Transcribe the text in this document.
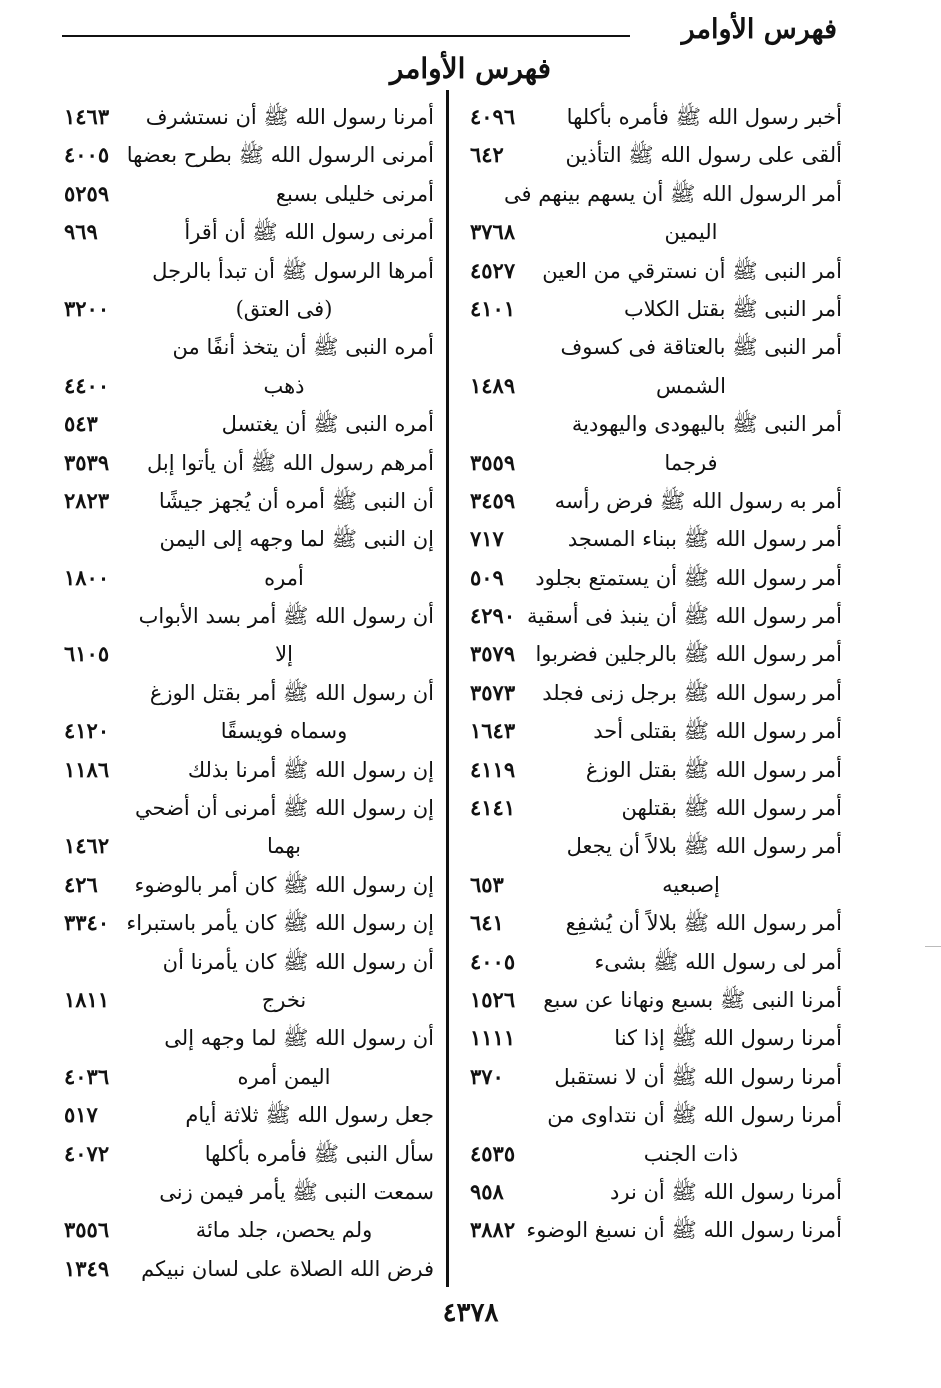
فهرس الأوامر
فهرس الأوامر
أخبر رسول الله ﷺ فأمره بأكلها
٤٠٩٦
ألقى على رسول الله ﷺ التأذين
٦٤٢
أمر الرسول الله ﷺ أن يسهم بينهم فى
اليمين
٣٧٦٨
أمر النبى ﷺ أن نسترقي من العين
٤٥٢٧
أمر النبى ﷺ بقتل الكلاب
٤١٠١
أمر النبى ﷺ بالعتاقة فى كسوف
الشمس
١٤٨٩
أمر النبى ﷺ باليهودى واليهودية
فرجما
٣٥٥٩
أمر به رسول الله ﷺ فرض رأسه
٣٤٥٩
أمر رسول الله ﷺ ببناء المسجد
٧١٧
أمر رسول الله ﷺ أن يستمتع بجلود
٥٠٩
أمر رسول الله ﷺ أن ينبذ فى أسقية
٤٢٩٠
أمر رسول الله ﷺ بالرجلين فضربوا
٣٥٧٩
أمر رسول الله ﷺ برجل زنى فجلد
٣٥٧٣
أمر رسول الله ﷺ بقتلى أحد
١٦٤٣
أمر رسول الله ﷺ بقتل الوزغ
٤١١٩
أمر رسول الله ﷺ بقتلهن
٤١٤١
أمر رسول الله ﷺ بلالاً أن يجعل
إصبعيه
٦٥٣
أمر رسول الله ﷺ بلالاً أن يُشفِع
٦٤١
أمر لى رسول الله ﷺ بشىء
٤٠٠٥
أمرنا النبى ﷺ بسبع ونهانا عن سبع
١٥٢٦
أمرنا رسول الله ﷺ إذا كنا
١١١١
أمرنا رسول الله ﷺ أن لا نستقبل
٣٧٠
أمرنا رسول الله ﷺ أن نتداوى من
ذات الجنب
٤٥٣٥
أمرنا رسول الله ﷺ أن نرد
٩٥٨
أمرنا رسول الله ﷺ أن نسبغ الوضوء
٣٨٨٢
أمرنا رسول الله ﷺ أن نستشرف
١٤٦٣
أمرنى الرسول الله ﷺ بطرح بعضها
٤٠٠٥
أمرنى خليلى بسبع
٥٢٥٩
أمرنى رسول الله ﷺ أن أقرأ
٩٦٩
أمرها الرسول ﷺ أن تبدأ بالرجل
(فى العتق)
٣٢٠٠
أمره النبى ﷺ أن يتخذ أنفًا من
ذهب
٤٤٠٠
أمره النبى ﷺ أن يغتسل
٥٤٣
أمرهم رسول الله ﷺ أن يأتوا إبل
٣٥٣٩
أن النبى ﷺ أمره أن يُجهز جيشًا
٢٨٢٣
إن النبى ﷺ لما وجهه إلى اليمن
أمره
١٨٠٠
أن رسول الله ﷺ أمر بسد الأبواب
إلا
٦١٠٥
أن رسول الله ﷺ أمر بقتل الوزغ
وسماه فويسقًا
٤١٢٠
إن رسول الله ﷺ أمرنا بذلك
١١٨٦
إن رسول الله ﷺ أمرنى أن أضحي
بهما
١٤٦٢
إن رسول الله ﷺ كان أمر بالوضوء
٤٢٦
إن رسول الله ﷺ كان يأمر باستبراء
٣٣٤٠
أن رسول الله ﷺ كان يأمرنا أن
نخرج
١٨١١
أن رسول الله ﷺ لما وجهه إلى
اليمن أمره
٤٠٣٦
جعل رسول الله ﷺ ثلاثة أيام
٥١٧
سأل النبى ﷺ فأمره بأكلها
٤٠٧٢
سمعت النبى ﷺ يأمر فيمن زنى
ولم يحصن، جلد مائة
٣٥٥٦
فرض الله الصلاة على لسان نبيكم
١٣٤٩
٤٣٧٨
